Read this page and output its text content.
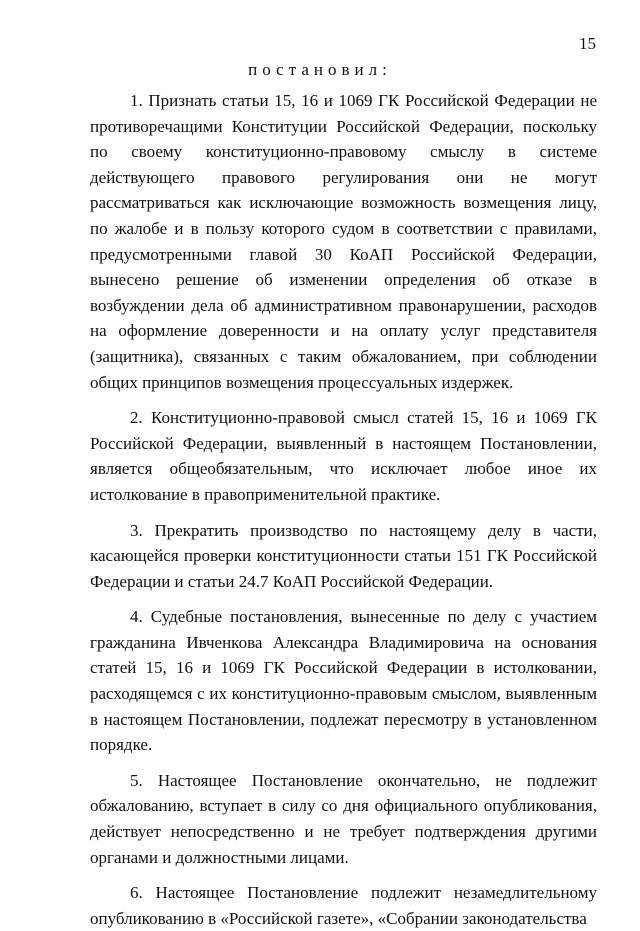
15
постановил:

1. Признать статьи 15, 16 и 1069 ГК Российской Федерации не противоречащими Конституции Российской Федерации, поскольку по своему конституционно-правовому смыслу в системе действующего правового регулирования они не могут рассматриваться как исключающие возможность возмещения лицу, по жалобе и в пользу которого судом в соответствии с правилами, предусмотренными главой 30 КоАП Российской Федерации, вынесено решение об изменении определения об отказе в возбуждении дела об административном правонарушении, расходов на оформление доверенности и на оплату услуг представителя (защитника), связанных с таким обжалованием, при соблюдении общих принципов возмещения процессуальных издержек.

2. Конституционно-правовой смысл статей 15, 16 и 1069 ГК Российской Федерации, выявленный в настоящем Постановлении, является общеобязательным, что исключает любое иное их истолкование в правоприменительной практике.

3. Прекратить производство по настоящему делу в части, касающейся проверки конституционности статьи 151 ГК Российской Федерации и статьи 24.7 КоАП Российской Федерации.

4. Судебные постановления, вынесенные по делу с участием гражданина Ивченкова Александра Владимировича на основания статей 15, 16 и 1069 ГК Российской Федерации в истолковании, расходящемся с их конституционно-правовым смыслом, выявленным в настоящем Постановлении, подлежат пересмотру в установленном порядке.

5. Настоящее Постановление окончательно, не подлежит обжалованию, вступает в силу со дня официального опубликования, действует непосредственно и не требует подтверждения другими органами и должностными лицами.

6. Настоящее Постановление подлежит незамедлительному опубликованию в «Российской газете», «Собрании законодательства
